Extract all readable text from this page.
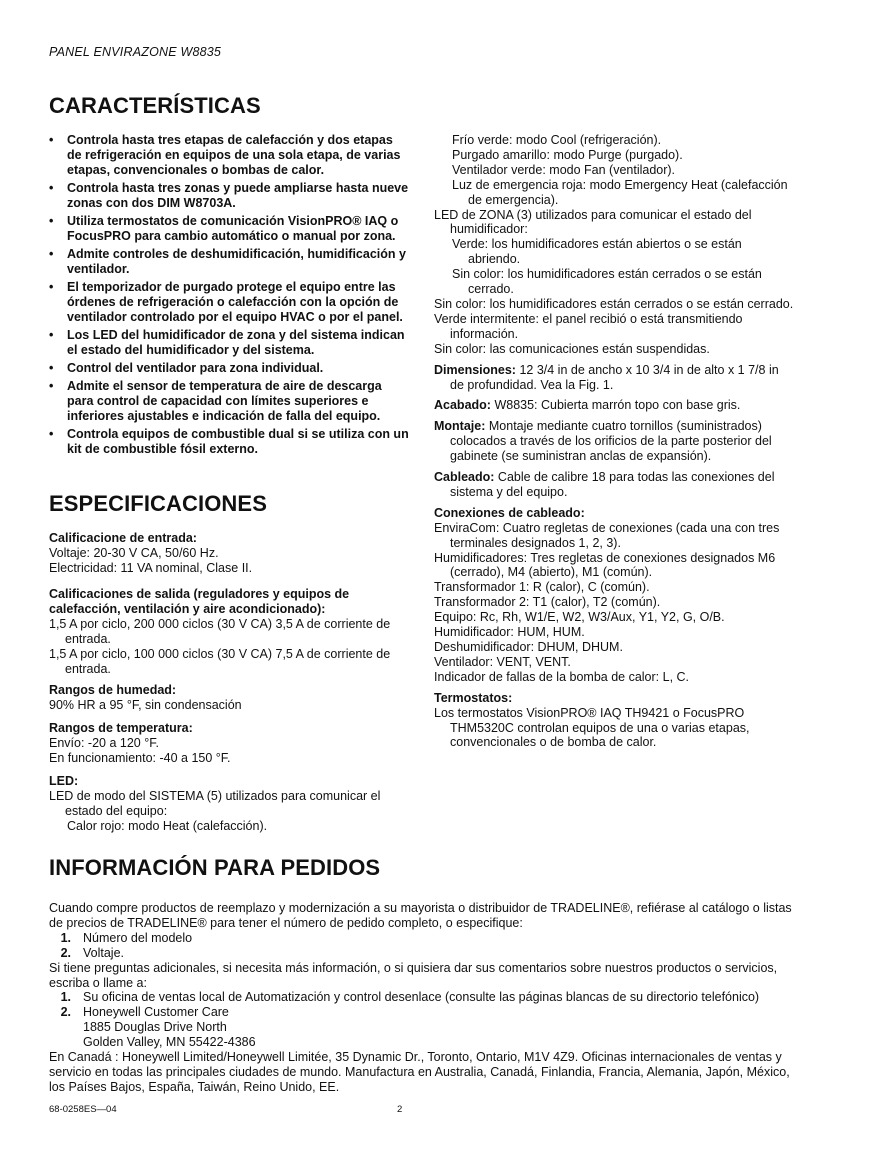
PANEL ENVIRAZONE W8835
CARACTERÍSTICAS
• Controla hasta tres etapas de calefacción y dos etapas de refrigeración en equipos de una sola etapa, de varias etapas, convencionales o bombas de calor.
• Controla hasta tres zonas y puede ampliarse hasta nueve zonas con dos DIM W8703A.
• Utiliza termostatos de comunicación VisionPRO® IAQ o FocusPRO para cambio automático o manual por zona.
• Admite controles de deshumidificación, humidificación y ventilador.
• El temporizador de purgado protege el equipo entre las órdenes de refrigeración o calefacción con la opción de ventilador controlado por el equipo HVAC o por el panel.
• Los LED del humidificador de zona y del sistema indican el estado del humidificador y del sistema.
• Control del ventilador para zona individual.
• Admite el sensor de temperatura de aire de descarga para control de capacidad con límites superiores e inferiores ajustables e indicación de falla del equipo.
• Controla equipos de combustible dual si se utiliza con un kit de combustible fósil externo.
ESPECIFICACIONES
Calificacione de entrada:
Voltaje: 20-30 V CA, 50/60 Hz.
Electricidad: 11 VA nominal, Clase II.
Calificaciones de salida (reguladores y equipos de calefacción, ventilación y aire acondicionado):
1,5 A por ciclo, 200 000 ciclos (30 V CA) 3,5 A de corriente de entrada.
1,5 A por ciclo, 100 000 ciclos (30 V CA) 7,5 A de corriente de entrada.
Rangos de humedad:
90% HR a 95 °F, sin condensación
Rangos de temperatura:
Envío: -20 a 120 °F.
En funcionamiento: -40 a 150 °F.
LED:
LED de modo del SISTEMA (5) utilizados para comunicar el estado del equipo:
Calor rojo: modo Heat (calefacción).
Frío verde: modo Cool (refrigeración).
Purgado amarillo: modo Purge (purgado).
Ventilador verde: modo Fan (ventilador).
Luz de emergencia roja: modo Emergency Heat (calefacción de emergencia).
LED de ZONA (3) utilizados para comunicar el estado del humidificador:
Verde: los humidificadores están abiertos o se están abriendo.
Sin color: los humidificadores están cerrados o se están cerrado.
Sin color: los humidificadores están cerrados o se están cerrado.
Verde intermitente: el panel recibió o está transmitiendo información.
Sin color: las comunicaciones están suspendidas.
Dimensiones: 12 3/4 in de ancho x 10 3/4 in de alto x 1 7/8 in de profundidad. Vea la Fig. 1.
Acabado: W8835: Cubierta marrón topo con base gris.
Montaje: Montaje mediante cuatro tornillos (suministrados) colocados a través de los orificios de la parte posterior del gabinete (se suministran anclas de expansión).
Cableado: Cable de calibre 18 para todas las conexiones del sistema y del equipo.
Conexiones de cableado:
EnviraCom: Cuatro regletas de conexiones (cada una con tres terminales designados 1, 2, 3).
Humidificadores: Tres regletas de conexiones designados M6 (cerrado), M4 (abierto), M1 (común).
Transformador 1: R (calor), C (común).
Transformador 2: T1 (calor), T2 (común).
Equipo: Rc, Rh, W1/E, W2, W3/Aux, Y1, Y2, G, O/B.
Humidificador: HUM, HUM.
Deshumidificador: DHUM, DHUM.
Ventilador: VENT, VENT.
Indicador de fallas de la bomba de calor: L, C.
Termostatos:
Los termostatos VisionPRO® IAQ TH9421 o FocusPRO THM5320C controlan equipos de una o varias etapas, convencionales o de bomba de calor.
INFORMACIÓN PARA PEDIDOS
Cuando compre productos de reemplazo y modernización a su mayorista o distribuidor de TRADELINE®, refiérase al catálogo o listas de precios de TRADELINE® para tener el número de pedido completo, o especifique:
1. Número del modelo
2. Voltaje.
Si tiene preguntas adicionales, si necesita más información, o si quisiera dar sus comentarios sobre nuestros productos o servicios, escriba o llame a:
1. Su oficina de ventas local de Automatización y control desenlace (consulte las páginas blancas de su directorio telefónico)
2. Honeywell Customer Care
1885 Douglas Drive North
Golden Valley, MN 55422-4386
En Canadá : Honeywell Limited/Honeywell Limitée, 35 Dynamic Dr., Toronto, Ontario, M1V 4Z9. Oficinas internacionales de ventas y servicio en todas las principales ciudades de mundo. Manufactura en Australia, Canadá, Finlandia, Francia, Alemania, Japón, México, los Países Bajos, España, Taiwán, Reino Unido, EE.
68-0258ES—04	2
